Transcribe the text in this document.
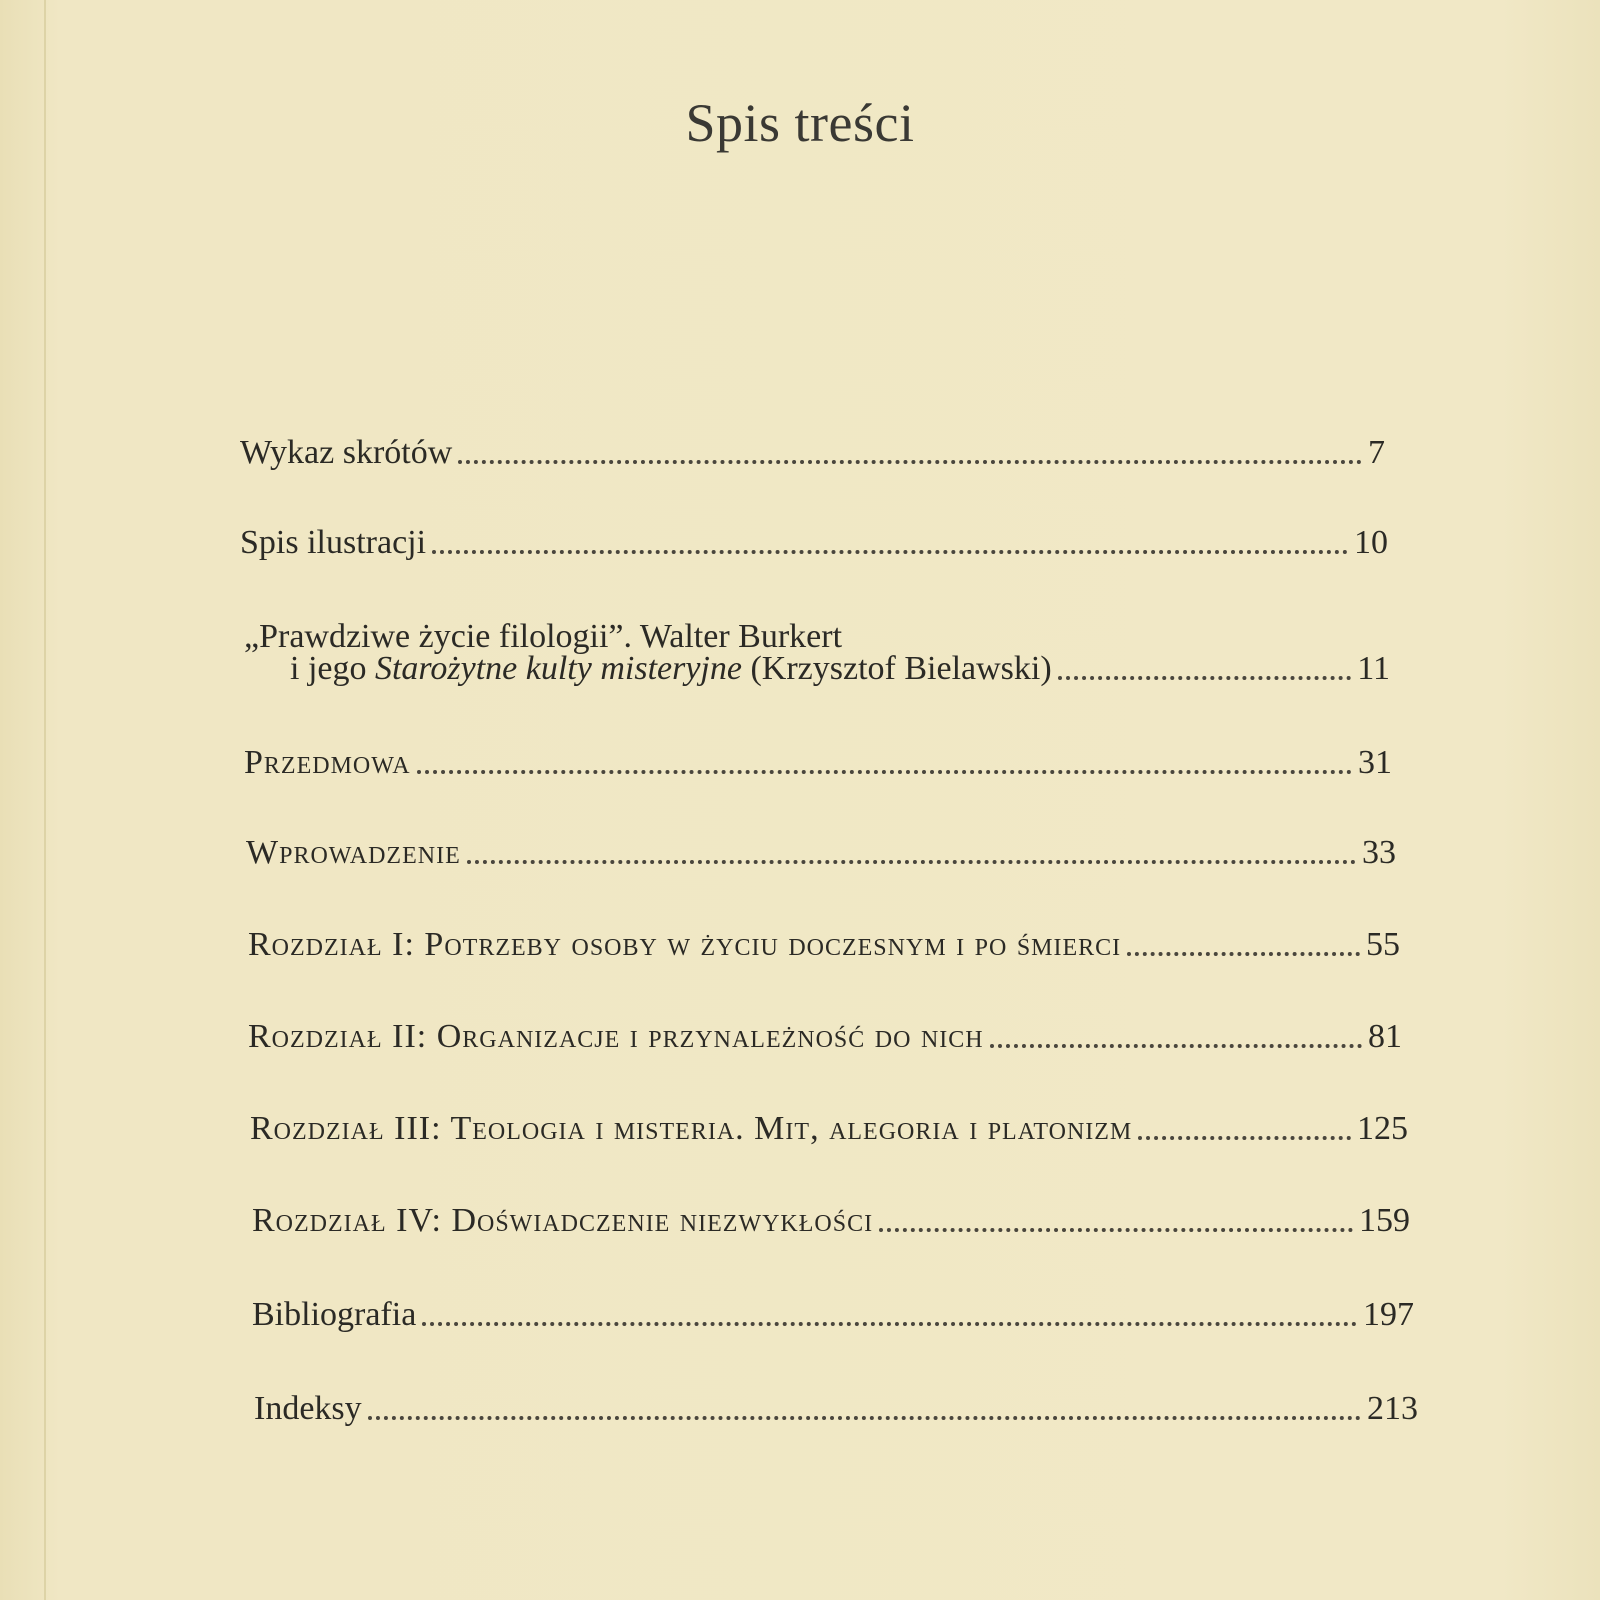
Spis treści
Wykaz skrótów	7
Spis ilustracji	10
„Prawdziwe życie filologii”. Walter Burkert
i jego Starożytne kulty misteryjne (Krzysztof Bielawski)	11
Przedmowa	31
Wprowadzenie	33
Rozdział I: Potrzeby osoby w życiu doczesnym i po śmierci	55
Rozdział II: Organizacje i przynależność do nich	81
Rozdział III: Teologia i misteria. Mit, alegoria i platonizm	125
Rozdział IV: Doświadczenie niezwykłości	159
Bibliografia	197
Indeksy	213
